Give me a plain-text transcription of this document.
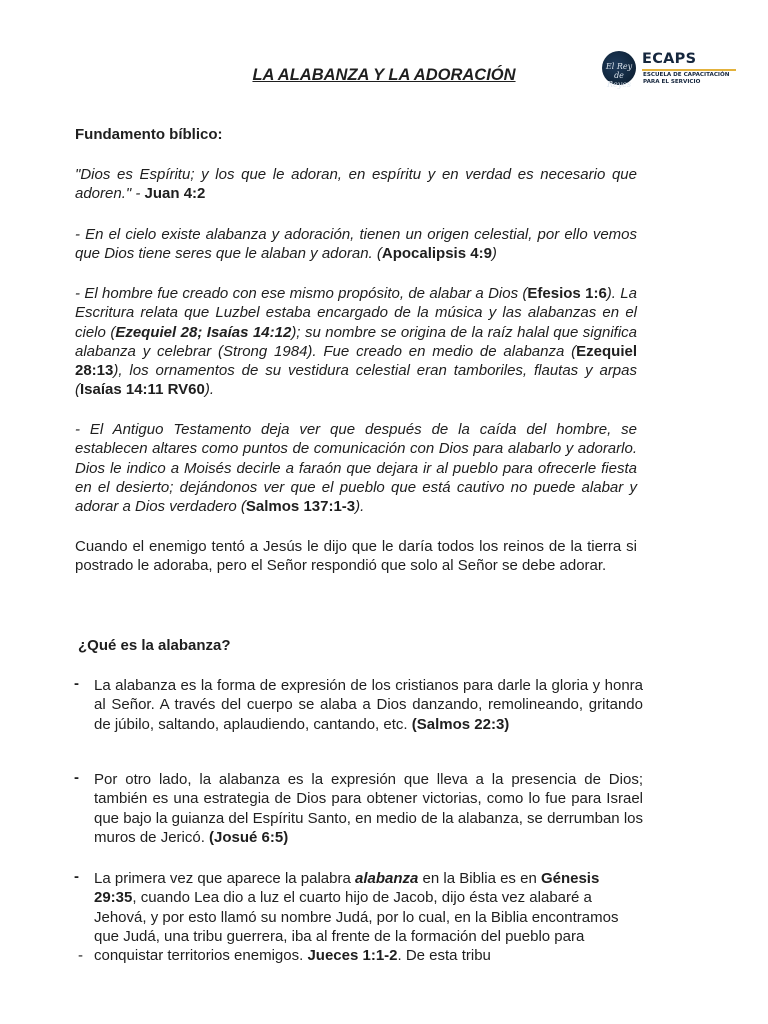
El Rey de Reyes
ECAPS
ESCUELA DE CAPACITACIÓN
PARA EL SERVICIO
LA ALABANZA Y LA ADORACIÓN

Fundamento bíblico:

"Dios es Espíritu; y los que le adoran, en espíritu y en verdad es necesario que adoren." - Juan 4:2

- En el cielo existe alabanza y adoración, tienen un origen celestial, por ello vemos que Dios tiene seres que le alaban y adoran. (Apocalipsis 4:9)

- El hombre fue creado con ese mismo propósito, de alabar a Dios (Efesios 1:6). La Escritura relata que Luzbel estaba encargado de la música y las alabanzas en el cielo (Ezequiel 28; Isaías 14:12); su nombre se origina de la raíz halal que significa alabanza y celebrar (Strong 1984). Fue creado en medio de alabanza (Ezequiel 28:13), los ornamentos de su vestidura celestial eran tamboriles, flautas y arpas (Isaías 14:11 RV60).

- El Antiguo Testamento deja ver que después de la caída del hombre, se establecen altares como puntos de comunicación con Dios para alabarlo y adorarlo. Dios le indico a Moisés decirle a faraón que dejara ir al pueblo para ofrecerle fiesta en el desierto; dejándonos ver que el pueblo que está cautivo no puede alabar y adorar a Dios verdadero (Salmos 137:1-3).

Cuando el enemigo tentó a Jesús le dijo que le daría todos los reinos de la tierra si postrado le adoraba, pero el Señor respondió que solo al Señor se debe adorar.

¿Qué es la alabanza?

- La alabanza es la forma de expresión de los cristianos para darle la gloria y honra al Señor. A través del cuerpo se alaba a Dios danzando, remolineando, gritando de júbilo, saltando, aplaudiendo, cantando, etc. (Salmos 22:3)

- Por otro lado, la alabanza es la expresión que lleva a la presencia de Dios; también es una estrategia de Dios para obtener victorias, como lo fue para Israel que bajo la guianza del Espíritu Santo, en medio de la alabanza, se derrumban los muros de Jericó. (Josué 6:5)

- La primera vez que aparece la palabra alabanza en la Biblia es en Génesis 29:35, cuando Lea dio a luz el cuarto hijo de Jacob, dijo ésta vez alabaré a Jehová, y por esto llamó su nombre Judá, por lo cual, en la Biblia encontramos que Judá, una tribu guerrera, iba al frente de la formación del pueblo para conquistar territorios enemigos. Jueces 1:1-2. De esta tribu

-
